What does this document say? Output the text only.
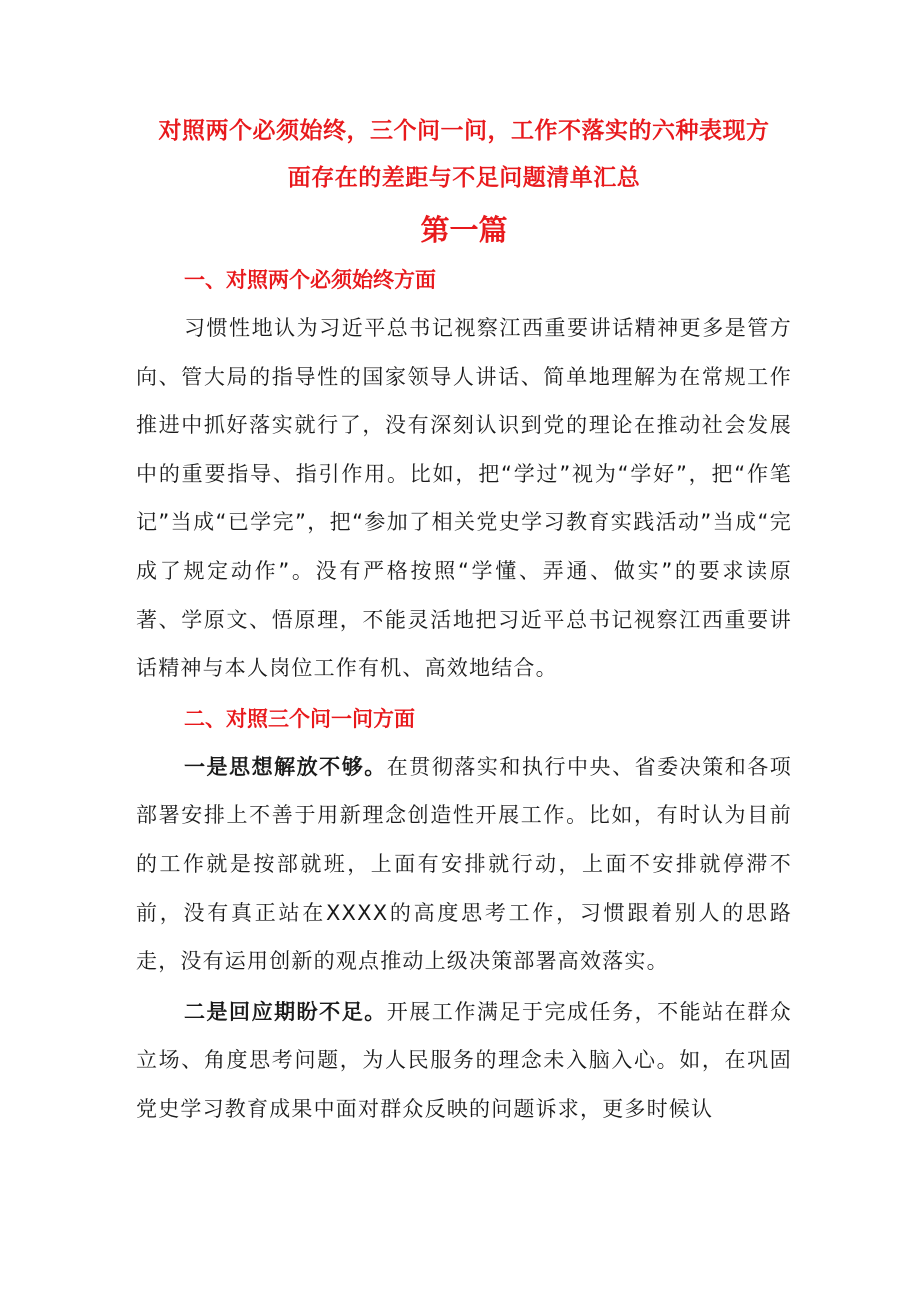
对照两个必须始终，三个问一问，工作不落实的六种表现方
面存在的差距与不足问题清单汇总
第一篇
一、对照两个必须始终方面

习惯性地认为习近平总书记视察江西重要讲话精神更多是管方向、管大局的指导性的国家领导人讲话、简单地理解为在常规工作推进中抓好落实就行了，没有深刻认识到党的理论在推动社会发展中的重要指导、指引作用。比如，把“学过”视为“学好”，把“作笔记”当成“已学完”，把“参加了相关党史学习教育实践活动”当成“完成了规定动作”。没有严格按照“学懂、弄通、做实”的要求读原著、学原文、悟原理，不能灵活地把习近平总书记视察江西重要讲话精神与本人岗位工作有机、高效地结合。

二、对照三个问一问方面

一是思想解放不够。在贯彻落实和执行中央、省委决策和各项部署安排上不善于用新理念创造性开展工作。比如，有时认为目前的工作就是按部就班，上面有安排就行动，上面不安排就停滞不前，没有真正站在XXXX的高度思考工作，习惯跟着别人的思路走，没有运用创新的观点推动上级决策部署高效落实。

二是回应期盼不足。开展工作满足于完成任务，不能站在群众立场、角度思考问题，为人民服务的理念未入脑入心。如，在巩固党史学习教育成果中面对群众反映的问题诉求，更多时候认
